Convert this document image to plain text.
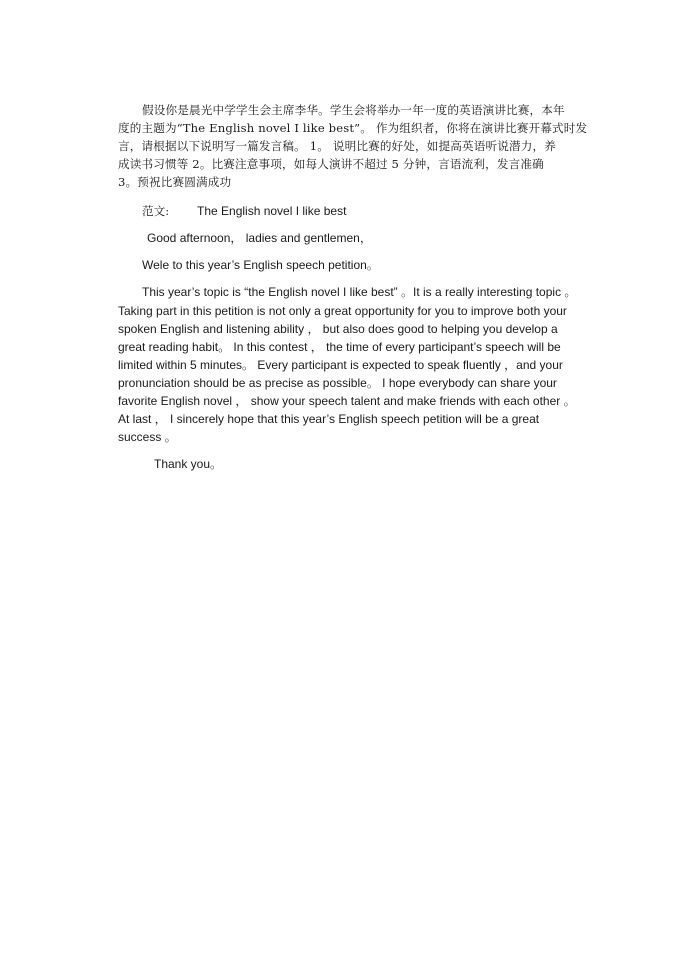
假设你是晨光中学学生会主席李华。学生会将举办一年一度的英语演讲比赛，本年
度的主题为“The English novel I like best”。 作为组织者，你将在演讲比赛开幕式时发
言，请根据以下说明写一篇发言稿。 1。 说明比赛的好处，如提高英语听说潜力，养
成读书习惯等 2。比赛注意事项，如每人演讲不超过 5 分钟，言语流利，发言准确
3。预祝比赛圆满成功
范文: The English novel I like best
Good afternoon， ladies and gentlemen，
Wele to this year’s English speech petition。
This year’s topic is “the English novel I like best” 。It is a really interesting topic 。
Taking part in this petition is not only a great opportunity for you to improve both your
spoken English and listening ability ， but also does good to helping you develop a
great reading habit。 In this contest ， the time of every participant’s speech will be
limited within 5 minutes。 Every participant is expected to speak fluently ，and your
pronunciation should be as precise as possible。 I hope everybody can share your
favorite English novel ， show your speech talent and make friends with each other 。
At last ， I sincerely hope that this year’s English speech petition will be a great
success 。
Thank you。
